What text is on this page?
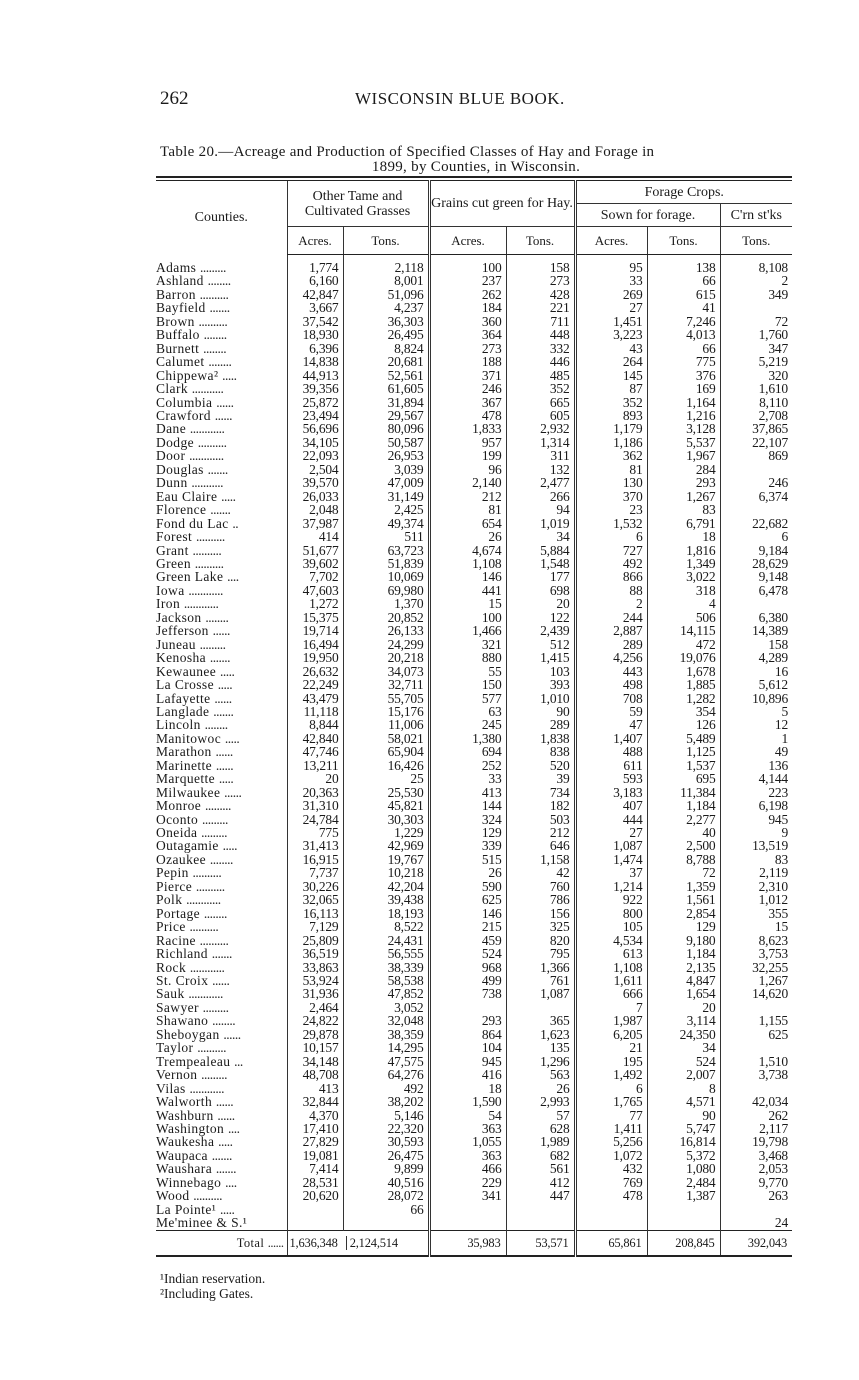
262	WISCONSIN BLUE BOOK.
Table 20.—Acreage and Production of Specified Classes of Hay and Forage in
1899, by Counties, in Wisconsin.

Counties.	Other Tame and Cultivated Grasses		Grains cut green for Hay.		Forage Crops.		
					Sown for forage.		C'rn st'ks
	Acres.	Tons.	Acres.	Tons.	Acres.	Tons.	Tons.
Adams .........	1,774	2,118	100	158	95	138	8,108
Ashland ........	6,160	8,001	237	273	33	66	2
Barron ..........	42,847	51,096	262	428	269	615	349
Bayfield .......	3,667	4,237	184	221	27	41	
Brown ..........	37,542	36,303	360	711	1,451	7,246	72
Buffalo ........	18,930	26,495	364	448	3,223	4,013	1,760
Burnett ........	6,396	8,824	273	332	43	66	347
Calumet ........	14,838	20,681	188	446	264	775	5,219
Chippewa² .....	44,913	52,561	371	485	145	376	320
Clark ...........	39,356	61,605	246	352	87	169	1,610
Columbia ......	25,872	31,894	367	665	352	1,164	8,110
Crawford ......	23,494	29,567	478	605	893	1,216	2,708
Dane ............	56,696	80,096	1,833	2,932	1,179	3,128	37,865
Dodge ..........	34,105	50,587	957	1,314	1,186	5,537	22,107
Door ............	22,093	26,953	199	311	362	1,967	869
Douglas .......	2,504	3,039	96	132	81	284	
Dunn ...........	39,570	47,009	2,140	2,477	130	293	246
Eau Claire .....	26,033	31,149	212	266	370	1,267	6,374
Florence .......	2,048	2,425	81	94	23	83	
Fond du Lac ..	37,987	49,374	654	1,019	1,532	6,791	22,682
Forest ..........	414	511	26	34	6	18	6
Grant ..........	51,677	63,723	4,674	5,884	727	1,816	9,184
Green ..........	39,602	51,839	1,108	1,548	492	1,349	28,629
Green Lake ....	7,702	10,069	146	177	866	3,022	9,148
Iowa ............	47,603	69,980	441	698	88	318	6,478
Iron ............	1,272	1,370	15	20	2	4	
Jackson ........	15,375	20,852	100	122	244	506	6,380
Jefferson ......	19,714	26,133	1,466	2,439	2,887	14,115	14,389
Juneau .........	16,494	24,299	321	512	289	472	158
Kenosha .......	19,950	20,218	880	1,415	4,256	19,076	4,289
Kewaunee .....	26,632	34,073	55	103	443	1,678	16
La Crosse .....	22,249	32,711	150	393	498	1,885	5,612
Lafayette ......	43,479	55,705	577	1,010	708	1,282	10,896
Langlade .......	11,118	15,176	63	90	59	354	5
Lincoln ........	8,844	11,006	245	289	47	126	12
Manitowoc .....	42,840	58,021	1,380	1,838	1,407	5,489	1
Marathon ......	47,746	65,904	694	838	488	1,125	49
Marinette ......	13,211	16,426	252	520	611	1,537	136
Marquette .....	20	25	33	39	593	695	4,144
Milwaukee ......	20,363	25,530	413	734	3,183	11,384	223
Monroe .........	31,310	45,821	144	182	407	1,184	6,198
Oconto .........	24,784	30,303	324	503	444	2,277	945
Oneida .........	775	1,229	129	212	27	40	9
Outagamie .....	31,413	42,969	339	646	1,087	2,500	13,519
Ozaukee ........	16,915	19,767	515	1,158	1,474	8,788	83
Pepin ..........	7,737	10,218	26	42	37	72	2,119
Pierce ..........	30,226	42,204	590	760	1,214	1,359	2,310
Polk ............	32,065	39,438	625	786	922	1,561	1,012
Portage ........	16,113	18,193	146	156	800	2,854	355
Price ..........	7,129	8,522	215	325	105	129	15
Racine ..........	25,809	24,431	459	820	4,534	9,180	8,623
Richland .......	36,519	56,555	524	795	613	1,184	3,753
Rock ............	33,863	38,339	968	1,366	1,108	2,135	32,255
St. Croix ......	53,924	58,538	499	761	1,611	4,847	1,267
Sauk ............	31,936	47,852	738	1,087	666	1,654	14,620
Sawyer .........	2,464	3,052			7	20	
Shawano ........	24,822	32,048	293	365	1,987	3,114	1,155
Sheboygan ......	29,878	38,359	864	1,623	6,205	24,350	625
Taylor ..........	10,157	14,295	104	135	21	34	
Trempealeau ...	34,148	47,575	945	1,296	195	524	1,510
Vernon .........	48,708	64,276	416	563	1,492	2,007	3,738
Vilas ............	413	492	18	26	6	8	
Walworth ......	32,844	38,202	1,590	2,993	1,765	4,571	42,034
Washburn ......	4,370	5,146	54	57	77	90	262
Washington ....	17,410	22,320	363	628	1,411	5,747	2,117
Waukesha .....	27,829	30,593	1,055	1,989	5,256	16,814	19,798
Waupaca .......	19,081	26,475	363	682	1,072	5,372	3,468
Waushara .......	7,414	9,899	466	561	432	1,080	2,053
Winnebago ....	28,531	40,516	229	412	769	2,484	9,770
Wood ..........	20,620	28,072	341	447	478	1,387	263
La Pointe¹ .....		66					
Me'minee & S.¹							24
Total ......	1,636,348 2,124,514		35,983	53,571	65,861	208,845	392,043
¹Indian reservation.
²Including Gates.
